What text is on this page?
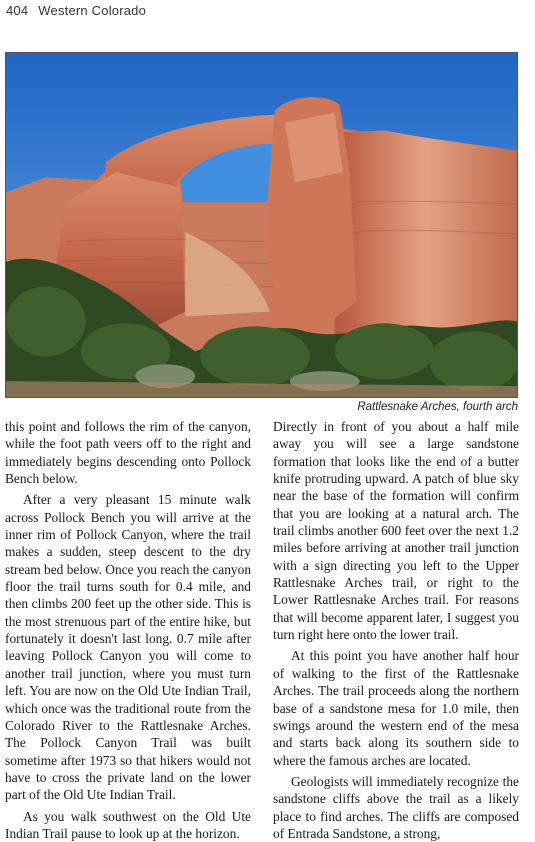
404 Western Colorado
Rattlesnake Arches, fourth arch

this point and follows the rim of the canyon, while the foot path veers off to the right and immediately begins descending onto Pollock Bench below.

After a very pleasant 15 minute walk across Pollock Bench you will arrive at the inner rim of Pollock Canyon, where the trail makes a sudden, steep descent to the dry stream bed below. Once you reach the canyon floor the trail turns south for 0.4 mile, and then climbs 200 feet up the other side. This is the most strenuous part of the entire hike, but fortunately it doesn't last long. 0.7 mile after leaving Pollock Canyon you will come to another trail junction, where you must turn left. You are now on the Old Ute Indian Trail, which once was the traditional route from the Colorado River to the Rattlesnake Arches. The Pollock Canyon Trail was built sometime after 1973 so that hikers would not have to cross the private land on the lower part of the Old Ute Indian Trail.

As you walk southwest on the Old Ute Indian Trail pause to look up at the horizon.

Directly in front of you about a half mile away you will see a large sandstone formation that looks like the end of a butter knife protruding upward. A patch of blue sky near the base of the formation will confirm that you are looking at a natural arch. The trail climbs another 600 feet over the next 1.2 miles before arriving at another trail junction with a sign directing you left to the Upper Rattlesnake Arches trail, or right to the Lower Rattlesnake Arches trail. For reasons that will become apparent later, I suggest you turn right here onto the lower trail.

At this point you have another half hour of walking to the first of the Rattlesnake Arches. The trail proceeds along the northern base of a sandstone mesa for 1.0 mile, then swings around the western end of the mesa and starts back along its southern side to where the famous arches are located.

Geologists will immediately recognize the sandstone cliffs above the trail as a likely place to find arches. The cliffs are composed of Entrada Sandstone, a strong,
